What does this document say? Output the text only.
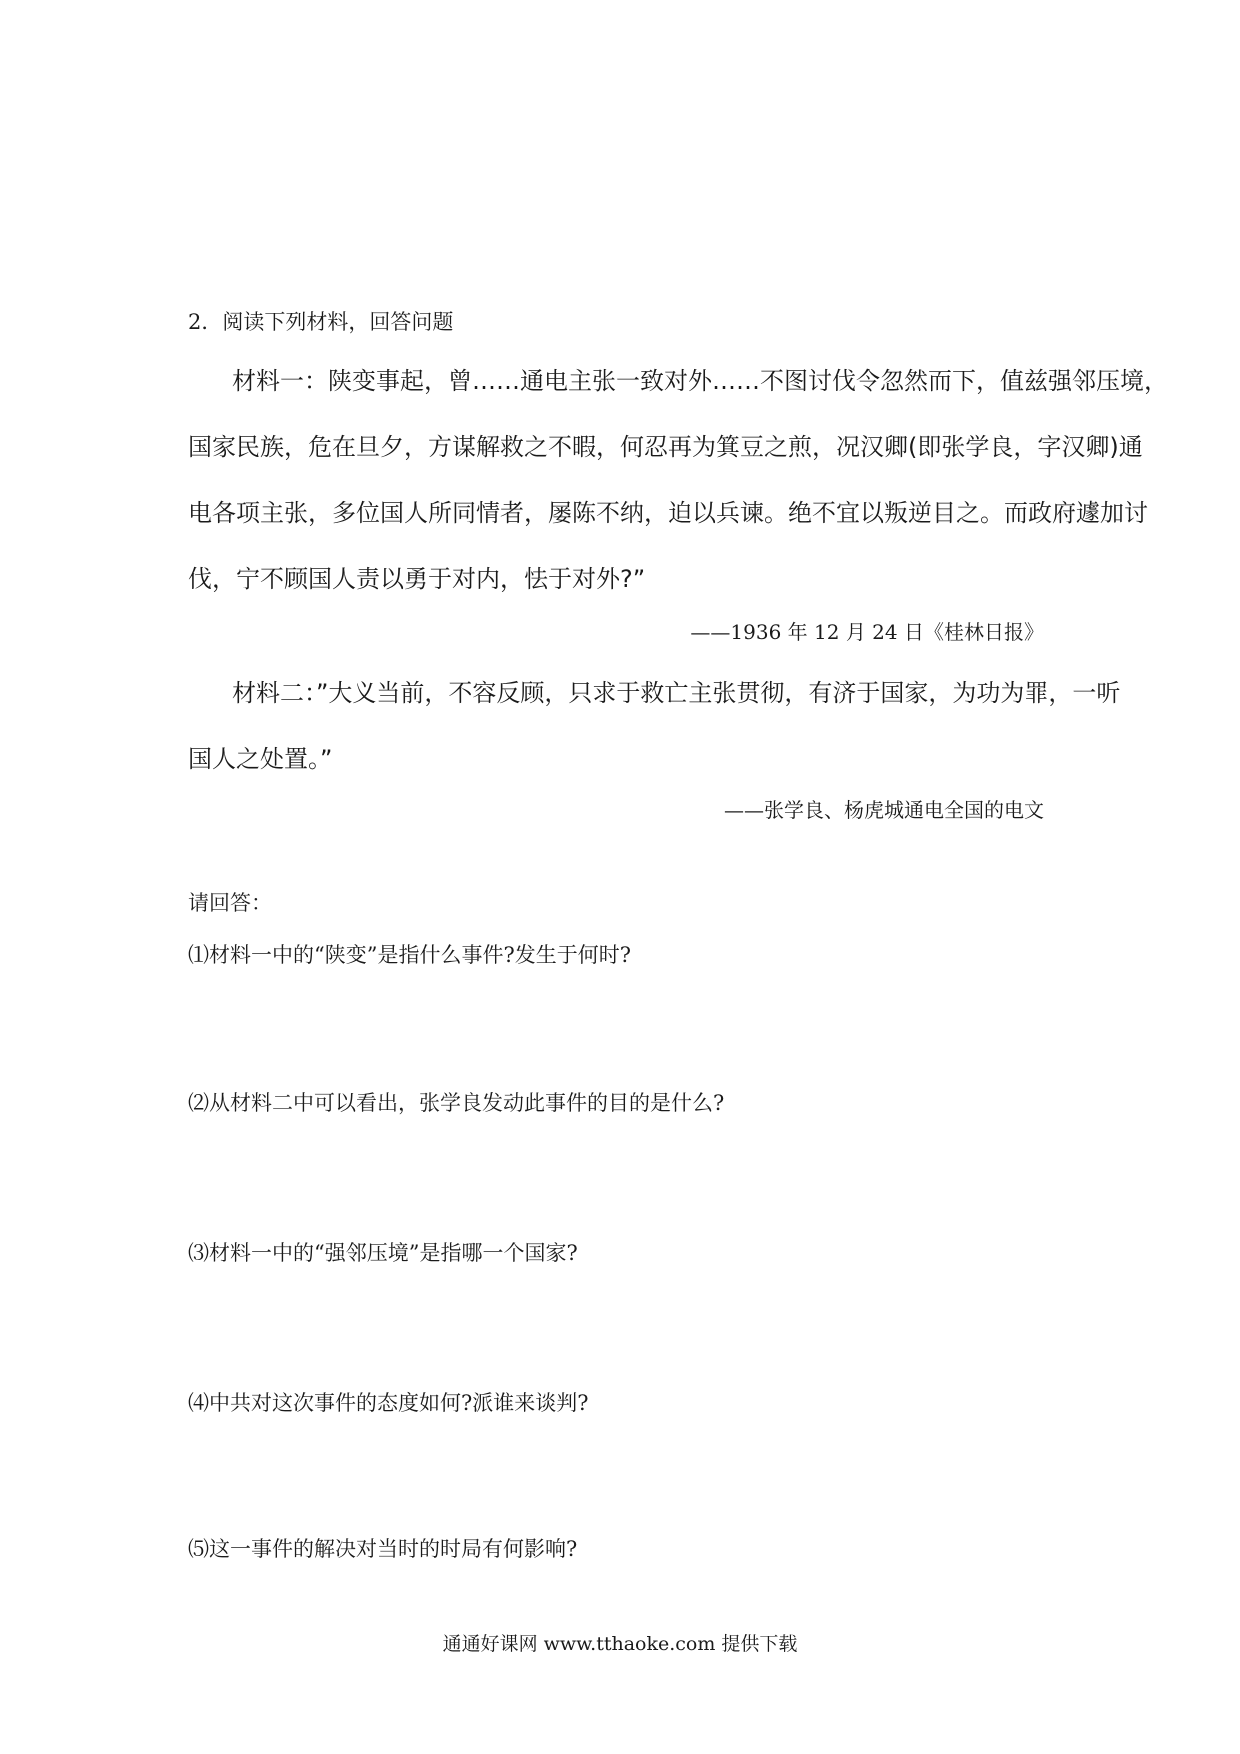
2．阅读下列材料，回答问题
材料一：陕变事起，曾……通电主张一致对外……不图讨伐令忽然而下，值兹强邻压境，
国家民族，危在旦夕，方谋解救之不暇，何忍再为箕豆之煎，况汉卿(即张学良，字汉卿)通
电各项主张，多位国人所同情者，屡陈不纳，迫以兵谏。绝不宜以叛逆目之。而政府遽加讨
伐，宁不顾国人责以勇于对内，怯于对外?”
——1936 年 12 月 24 日《桂林日报》
材料二：”大义当前，不容反顾，只求于救亡主张贯彻，有济于国家，为功为罪，一听
国人之处置。”
——张学良、杨虎城通电全国的电文
请回答：
⑴材料一中的“陕变”是指什么事件?发生于何时?
⑵从材料二中可以看出，张学良发动此事件的目的是什么?
⑶材料一中的“强邻压境”是指哪一个国家?
⑷中共对这次事件的态度如何?派谁来谈判?
⑸这一事件的解决对当时的时局有何影响?
通通好课网 www.tthaoke.com 提供下载
